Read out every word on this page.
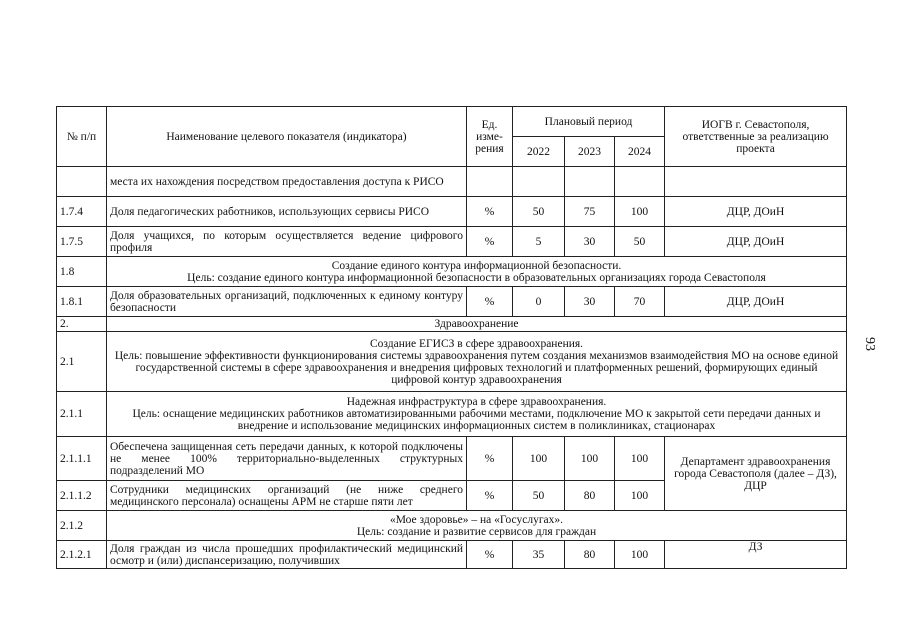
№ п/п	Наименование целевого показателя (индикатора)	Ед. изме- рения	Плановый период			ИОГВ г. Севастополя, ответственные за реализацию проекта
			2022	2023	2024	
	места их нахождения посредством предоставления доступа к РИСО					
1.7.4	Доля педагогических работников, использующих сервисы РИСО	%	50	75	100	ДЦР, ДОиН
1.7.5	Доля учащихся, по которым осуществляется ведение цифрового профиля	%	5	30	50	ДЦР, ДОиН
1.8	Создание единого контура информационной безопасности.
Цель: создание единого контура информационной безопасности в образовательных организациях города Севастополя					

1.8.1	Доля образовательных организаций, подключенных к единому контуру безопасности	%	0	30	70	ДЦР, ДОиН
2.	Здравоохранение					
2.1	Создание ЕГИСЗ в сфере здравоохранения.
Цель: повышение эффективности функционирования системы здравоохранения путем создания механизмов взаимодействия МО на основе единой государственной системы в сфере здравоохранения и внедрения цифровых технологий и платформенных решений, формирующих единый цифровой контур здравоохранения					

2.1.1	Надежная инфраструктура в сфере здравоохранения.
Цель: оснащение медицинских работников автоматизированными рабочими местами, подключение МО к закрытой сети передачи данных и внедрение и использование медицинских информационных систем в поликлиниках, стационарах					

2.1.1.1	Обеспечена защищенная сеть передачи данных, к которой подключены не менее 100% территориально-выделенных структурных подразделений МО	%	100	100	100	Департамент здравоохранения города Севастополя (далее – ДЗ), ДЦР
2.1.1.2	Сотрудники медицинских организаций (не ниже среднего медицинского персонала) оснащены АРМ не старше пяти лет	%	50	80	100	
2.1.2	«Мое здоровье» – на «Госуслугах».
Цель: создание и развитие сервисов для граждан					

2.1.2.1	Доля граждан из числа прошедших профилактический медицинский осмотр и (или) диспансеризацию, получивших	%	35	80	100	ДЗ
93
